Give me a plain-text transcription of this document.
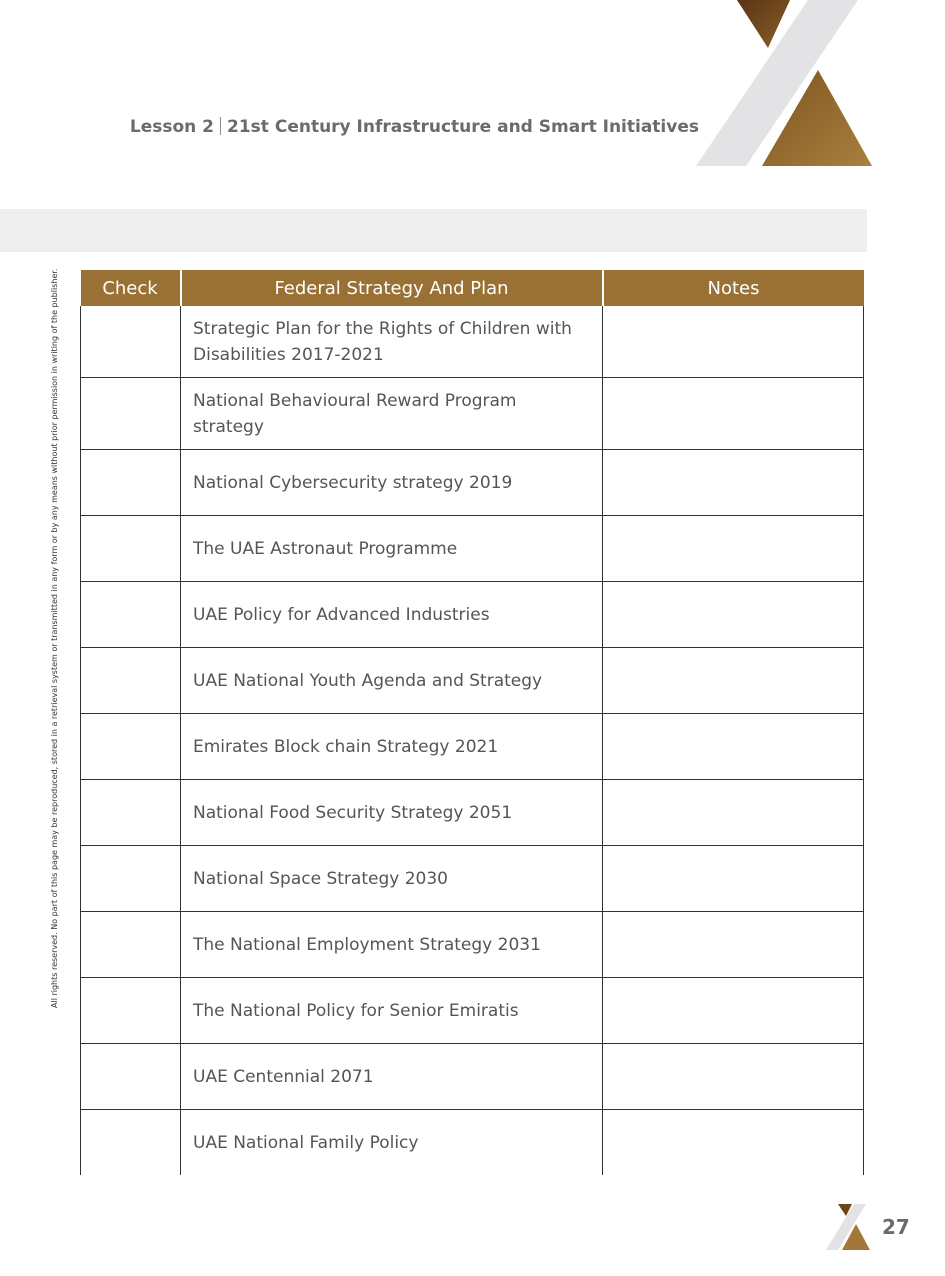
Lesson 2 21st Century Infrastructure and Smart Initiatives
All rights reserved. No part of this page may be reproduced, stored in a retrieval system or transmitted in any form or by any means without prior permission in writing of the publisher. Check	Federal Strategy And Plan	Notes
	Strategic Plan for the Rights of Children with Disabilities 2017-2021	
	National Behavioural Reward Program strategy	
	National Cybersecurity strategy 2019	
	The UAE Astronaut Programme	
	UAE Policy for Advanced Industries	
	UAE National Youth Agenda and Strategy	
	Emirates Block chain Strategy 2021	
	National Food Security Strategy 2051	
	National Space Strategy 2030	
	The National Employment Strategy 2031	
	The National Policy for Senior Emiratis	
	UAE Centennial 2071	
	UAE National Family Policy	
27
